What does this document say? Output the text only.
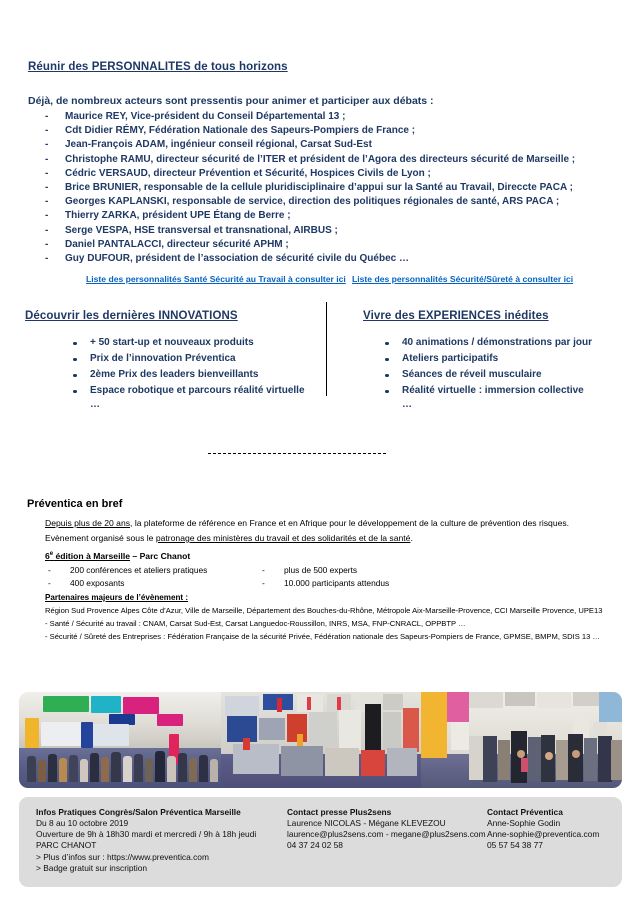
Réunir des PERSONNALITES de tous horizons
Déjà, de nombreux acteurs sont pressentis pour animer et participer aux débats :
- Maurice REY, Vice-président du Conseil Départemental 13 ;
- Cdt Didier RÉMY, Fédération Nationale des Sapeurs-Pompiers de France ;
- Jean-François ADAM, ingénieur conseil régional, Carsat Sud-Est
- Christophe RAMU, directeur sécurité de l’ITER et président de l’Agora des directeurs sécurité de Marseille ;
- Cédric VERSAUD, directeur Prévention et Sécurité, Hospices Civils de Lyon ;
- Brice BRUNIER, responsable de la cellule pluridisciplinaire d’appui sur la Santé au Travail, Direccte PACA ;
- Georges KAPLANSKI, responsable de service, direction des politiques régionales de santé, ARS PACA ;
- Thierry ZARKA, président UPE Étang de Berre ;
- Serge VESPA, HSE transversal et transnational, AIRBUS ;
- Daniel PANTALACCI, directeur sécurité APHM ;
- Guy DUFOUR, président de l’association de sécurité civile du Québec …
Liste des personnalités Santé Sécurité au Travail à consulter ici Liste des personnalités Sécurité/Sûreté à consulter ici
Découvrir les dernières INNOVATIONS
+ 50 start-up et nouveaux produits
Prix de l’innovation Préventica
2ème Prix des leaders bienveillants
Espace robotique et parcours réalité virtuelle
…
Vivre des EXPERIENCES inédites
40 animations / démonstrations par jour
Ateliers participatifs
Séances de réveil musculaire
Réalité virtuelle : immersion collective
…
Préventica en bref
Depuis plus de 20 ans, la plateforme de référence en France et en Afrique pour le développement de la culture de prévention des risques.
Evènement organisé sous le patronage des ministères du travail et des solidarités et de la santé.
6e édition à Marseille – Parc Chanot
- 200 conférences et ateliers pratiques
- 400 exposants
- plus de 500 experts
- 10.000 participants attendus
Partenaires majeurs de l’évènement :
Région Sud Provence Alpes Côte d’Azur, Ville de Marseille, Département des Bouches-du-Rhône, Métropole Aix-Marseille-Provence, CCI Marseille Provence, UPE13
- Santé / Sécurité au travail : CNAM, Carsat Sud-Est, Carsat Languedoc-Roussillon, INRS, MSA, FNP-CNRACL, OPPBTP …
- Sécurité / Sûreté des Entreprises : Fédération Française de la sécurité Privée, Fédération nationale des Sapeurs-Pompiers de France, GPMSE, BMPM, SDIS 13 …
Infos Pratiques Congrès/Salon Préventica Marseille
Du 8 au 10 octobre 2019
Ouverture de 9h à 18h30 mardi et mercredi / 9h à 18h jeudi
PARC CHANOT
> Plus d’infos sur : https://www.preventica.com
> Badge gratuit sur inscription
Contact presse Plus2sens
Laurence NICOLAS - Mégane KLEVEZOU
laurence@plus2sens.com - megane@plus2sens.com
04 37 24 02 58
Contact Préventica
Anne-Sophie Godin
Anne-sophie@preventica.com
05 57 54 38 77
